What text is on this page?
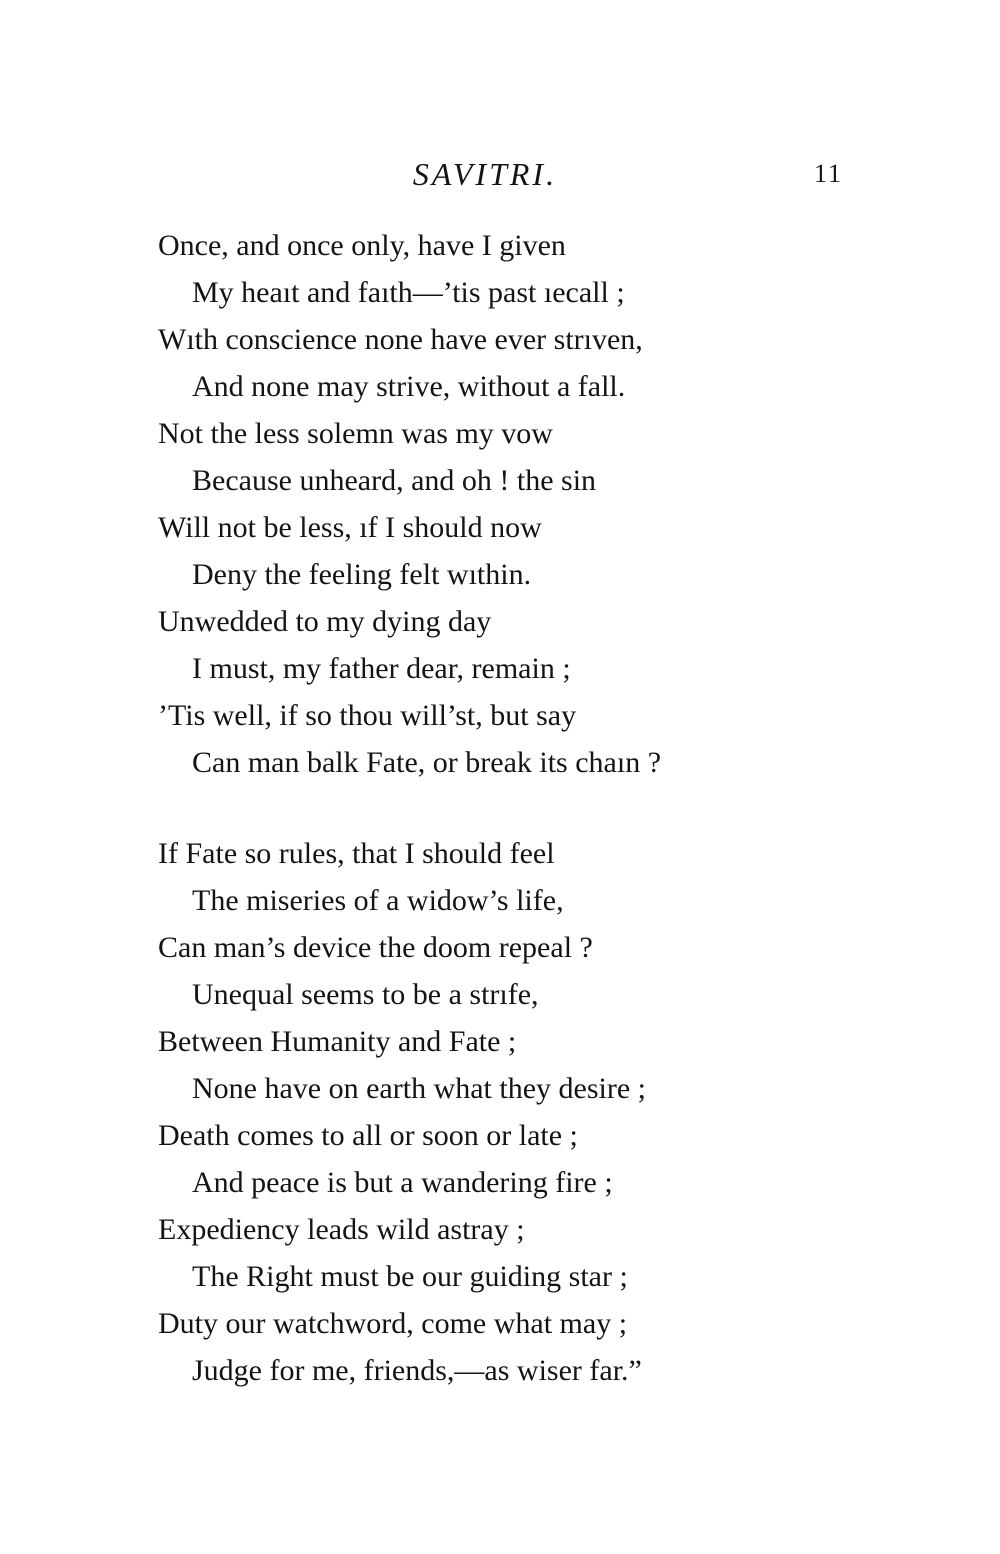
SAVITRI.	11
Once, and once only, have I given
My heaıt and faıth—’tis past ıecall ;
Wıth conscience none have ever strıven,
And none may strive, without a fall.
Not the less solemn was my vow
Because unheard, and oh ! the sin
Will not be less, ıf I should now
Deny the feeling felt wıthin.
Unwedded to my dying day
I must, my father dear, remain ;
’Tis well, if so thou will’st, but say
Can man balk Fate, or break its chaın ?
If Fate so rules, that I should feel
The miseries of a widow’s life,
Can man’s device the doom repeal ?
Unequal seems to be a strıfe,
Between Humanity and Fate ;
None have on earth what they desire ;
Death comes to all or soon or late ;
And peace is but a wandering fire ;
Expediency leads wild astray ;
The Right must be our guiding star ;
Duty our watchword, come what may ;
Judge for me, friends,—as wiser far.”
